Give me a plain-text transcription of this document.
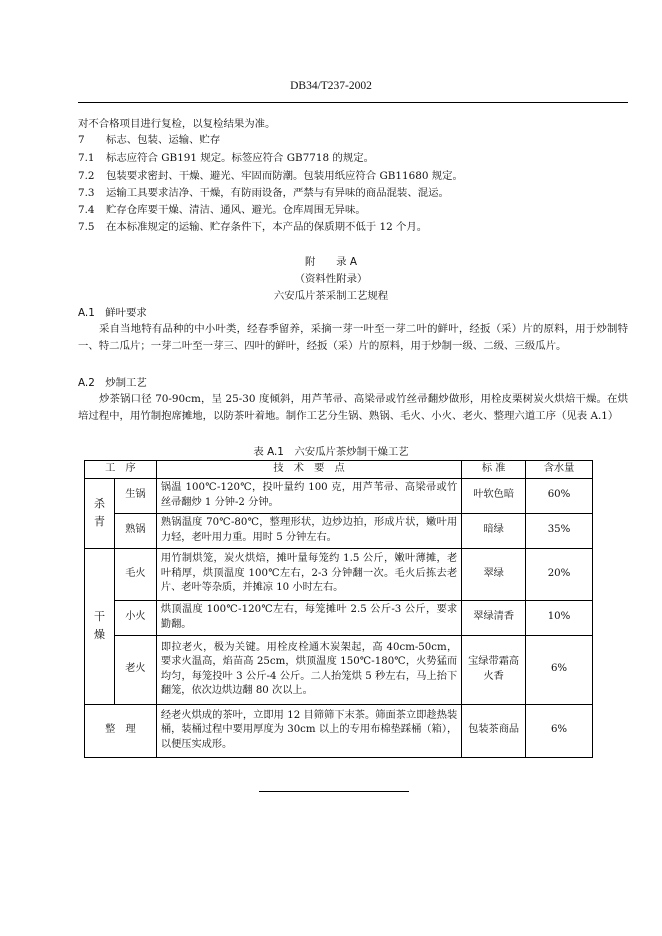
DB34/T237-2002
对不合格项目进行复检，以复检结果为准。
7 标志、包装、运输、贮存
7.1 标志应符合 GB191 规定。标签应符合 GB7718 的规定。
7.2 包装要求密封、干燥、避光、牢固而防潮。包装用纸应符合 GB11680 规定。
7.3 运输工具要求洁净、干燥，有防雨设备，严禁与有异味的商品混装、混运。
7.4 贮存仓库要干燥、清洁、通风、避光。仓库周围无异味。
7.5 在本标准规定的运输、贮存条件下，本产品的保质期不低于 12 个月。
附　　录 A
（资料性附录）
六安瓜片茶采制工艺规程
A.1　鲜叶要求
采自当地特有品种的中小叶类，经春季留养，采摘一芽一叶至一芽二叶的鲜叶，经扳（采）片的原料，用于炒制特一、特二瓜片；一芽二叶至一芽三、四叶的鲜叶，经扳（采）片的原料，用于炒制一级、二级、三级瓜片。
A.2　炒制工艺
炒茶锅口径 70-90cm，呈 25-30 度倾斜，用芦苇帚、高梁帚或竹丝帚翻炒做形，用栓皮栗树炭火烘焙干燥。在烘培过程中，用竹制抱席摊地，以防茶叶着地。制作工艺分生锅、熟锅、毛火、小火、老火、整理六道工序（见表 A.1）
表 A.1　六安瓜片茶炒制干燥工艺
工　序		技　术　要　点	标 准	含水量
杀
青	生锅	锅温 100℃-120℃，投叶量约 100 克，用芦苇帚、高梁帚或竹丝帚翻炒 1 分钟-2 分钟。	叶软色暗	60%
	熟锅	熟锅温度 70℃-80℃，整理形状，边炒边拍，形成片状，嫩叶用力轻，老叶用力重。用时 5 分钟左右。	暗绿	35%
干
燥	毛火	用竹制烘笼，炭火烘焙，摊叶量每笼约 1.5 公斤，嫩叶薄摊，老叶稍厚，烘顶温度 100℃左右，2-3 分钟翻一次。毛火后拣去老片、老叶等杂质，并摊凉 10 小时左右。	翠绿	20%
	小火	烘顶温度 100℃-120℃左右，每笼摊叶 2.5 公斤-3 公斤，要求勤翻。	翠绿清香	10%
	老火	即拉老火，极为关键。用栓皮栓通木炭架起，高 40cm-50cm，要求火温高，焰苗高 25cm，烘顶温度 150℃-180℃，火势猛而均匀，每笼投叶 3 公斤-4 公斤。二人抬笼烘 5 秒左右，马上抬下翻笼，依次边烘边翻 80 次以上。	宝绿带霜高火香	6%
整　理		经老火烘成的茶叶，立即用 12 目筛筛下末茶。筛面茶立即趁热装桶，装桶过程中要用厚度为 30cm 以上的专用布棉垫踩桶（箱），以便压实成形。	包装茶商品	6%
